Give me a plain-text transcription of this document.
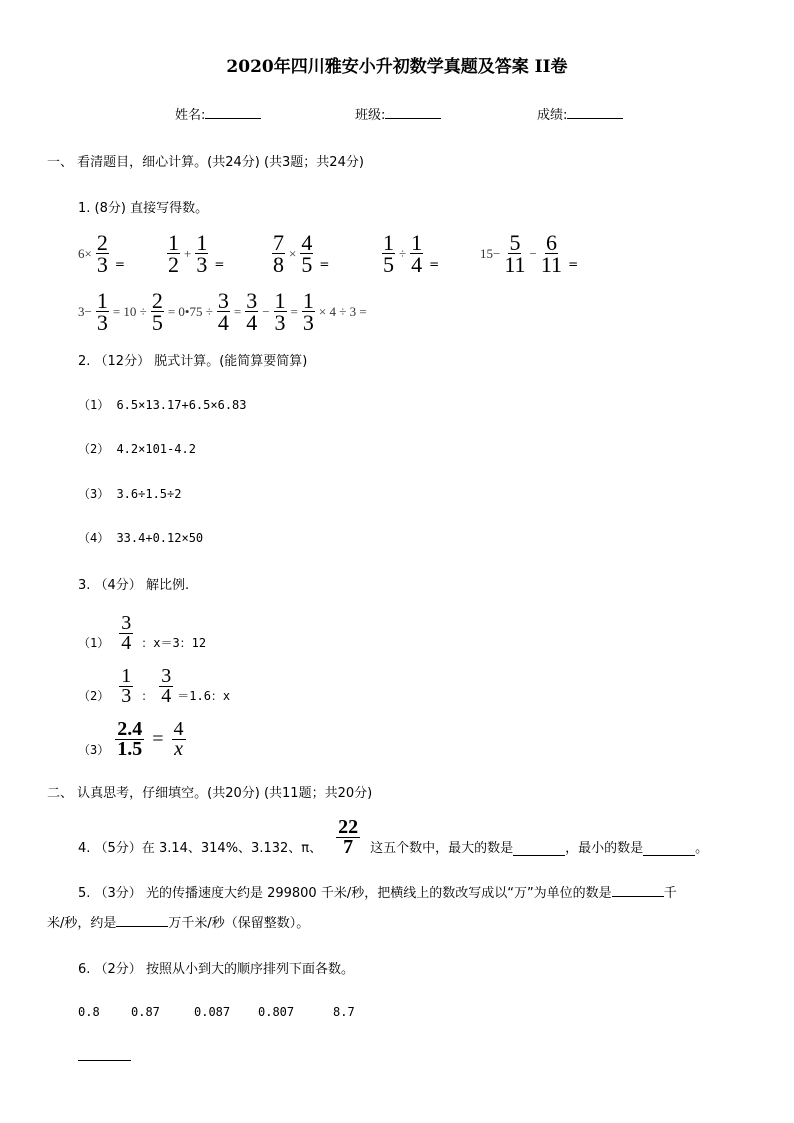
2020年四川雅安小升初数学真题及答案 II卷
姓名:	班级:	成绩:
一、 看清题目，细心计算。(共24分) (共3题；共24分)
1. (8分) 直接写得数。
$6\times \frac{2}{3} = \frac{1}{2} + \frac{1}{3} = \frac{7}{8} \times \frac{4}{5} = \frac{1}{5} \div \frac{1}{4}$ =
$15- \frac{5}{11} - \frac{6}{11}$ =
$3- \frac{1}{3} = 10 \div \frac{2}{5}$ = 0•75 ÷ $\frac{3}{4} = \frac{3}{4} - \frac{1}{3} = \frac{1}{3} \times 4 \div 3$ =
2. （12分） 脱式计算。(能简算要简算)
（1） 6.5×13.17+6.5×6.83
（2） 4.2×101-4.2
（3） 3.6÷1.5÷2
（4） 33.4+0.12×50
3. （4分） 解比例.
$(1) \frac{3}{4}$ ：x＝3：12
$(2) \frac{1}{3}$ ： $\frac{3}{4} =1.6$：x
$(3) \frac{2.4}{1.5} = \frac{4}{x}$
二、 认真思考，仔细填空。(共20分) (共11题；共20分)
4. （5分）在 3.14、314%、3.132、π、 $\frac{22}{7}$ 这五个数中，最大的数是	，最小的数是	。
5. （3分） 光的传播速度大约是 299800 千米/秒，把横线上的数改写成以“万”为单位的数是	千
米/秒，约是	万千米/秒（保留整数）。
6. （2分） 按照从小到大的顺序排列下面各数。
0.8	0.87	0.087 0.807	8.7
